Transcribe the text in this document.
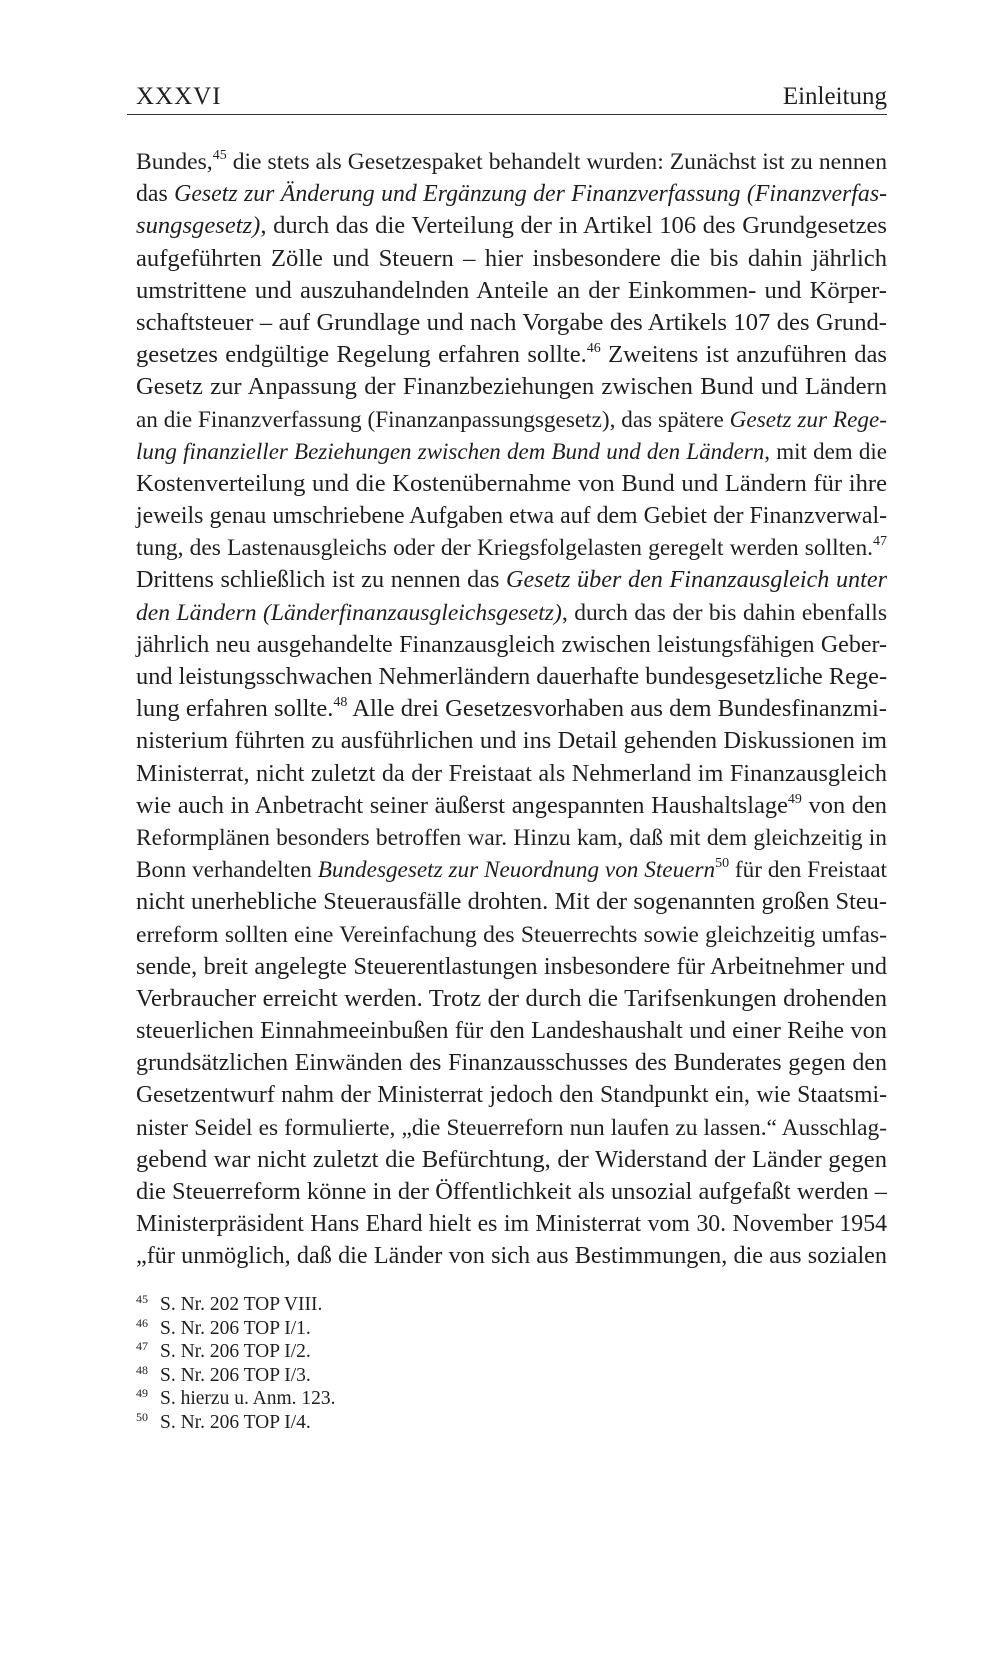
XXXVI	Einleitung
Bundes,$^{45}$ die stets als Gesetzespaket behandelt wurden: Zunächst ist zu nennen
das Gesetz zur Änderung und Ergänzung der Finanzverfassung (Finanzverfas-
sungsgesetz), durch das die Verteilung der in Artikel 106 des Grundgesetzes
aufgeführten Zölle und Steuern – hier insbesondere die bis dahin jährlich
umstrittene und auszuhandelnden Anteile an der Einkommen- und Körper-
schaftsteuer – auf Grundlage und nach Vorgabe des Artikels 107 des Grund-
gesetzes endgültige Regelung erfahren sollte.$^{46}$ Zweitens ist anzuführen das
Gesetz zur Anpassung der Finanzbeziehungen zwischen Bund und Ländern
an die Finanzverfassung (Finanzanpassungsgesetz), das spätere Gesetz zur Rege-
lung finanzieller Beziehungen zwischen dem Bund und den Ländern, mit dem die
Kostenverteilung und die Kostenübernahme von Bund und Ländern für ihre
jeweils genau umschriebene Aufgaben etwa auf dem Gebiet der Finanzverwal-
tung, des Lastenausgleichs oder der Kriegsfolgelasten geregelt werden sollten.$^{47}$
Drittens schließlich ist zu nennen das Gesetz über den Finanzausgleich unter
den Ländern (Länderfinanzausgleichsgesetz), durch das der bis dahin ebenfalls
jährlich neu ausgehandelte Finanzausgleich zwischen leistungsfähigen Geber-
und leistungsschwachen Nehmerländern dauerhafte bundesgesetzliche Rege-
lung erfahren sollte.$^{48}$ Alle drei Gesetzesvorhaben aus dem Bundesfinanzmi-
nisterium führten zu ausführlichen und ins Detail gehenden Diskussionen im
Ministerrat, nicht zuletzt da der Freistaat als Nehmerland im Finanzausgleich
wie auch in Anbetracht seiner äußerst angespannten Haushaltslage$^{49}$ von den
Reformplänen besonders betroffen war. Hinzu kam, daß mit dem gleichzeitig in
Bonn verhandelten Bundesgesetz zur Neuordnung von Steuern$^{50}$ für den Freistaat
nicht unerhebliche Steuerausfälle drohten. Mit der sogenannten großen Steu-
erreform sollten eine Vereinfachung des Steuerrechts sowie gleichzeitig umfas-
sende, breit angelegte Steuerentlastungen insbesondere für Arbeitnehmer und
Verbraucher erreicht werden. Trotz der durch die Tarifsenkungen drohenden
steuerlichen Einnahmeeinbußen für den Landeshaushalt und einer Reihe von
grundsätzlichen Einwänden des Finanzausschusses des Bunderates gegen den
Gesetzentwurf nahm der Ministerrat jedoch den Standpunkt ein, wie Staatsmi-
nister Seidel es formulierte, „die Steuerreforn nun laufen zu lassen.“ Ausschlag-
gebend war nicht zuletzt die Befürchtung, der Widerstand der Länder gegen
die Steuerreform könne in der Öffentlichkeit als unsozial aufgefaßt werden –
Ministerpräsident Hans Ehard hielt es im Ministerrat vom 30. November 1954
„für unmöglich, daß die Länder von sich aus Bestimmungen, die aus sozialen
45 S. Nr. 202 TOP VIII.
46 S. Nr. 206 TOP I/1.
47 S. Nr. 206 TOP I/2.
48 S. Nr. 206 TOP I/3.
49 S. hierzu u. Anm. 123.
50 S. Nr. 206 TOP I/4.
